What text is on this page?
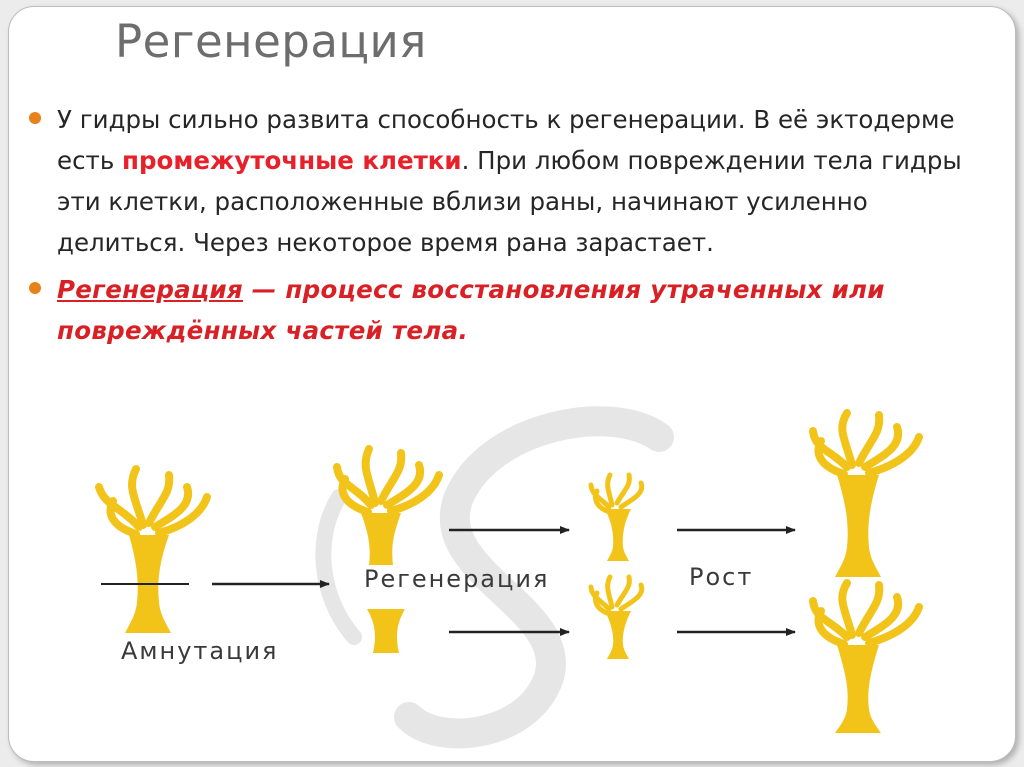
Регенерация
У гидры сильно развита способность к регенерации. В её эктодерме есть промежуточные клетки. При любом повреждении тела гидры эти клетки, расположенные вблизи раны, начинают усиленно делиться. Через некоторое время рана зарастает.
Регенерация — процесс восстановления утраченных или повреждённых частей тела.
Амнутация
Регенерация	Рост
